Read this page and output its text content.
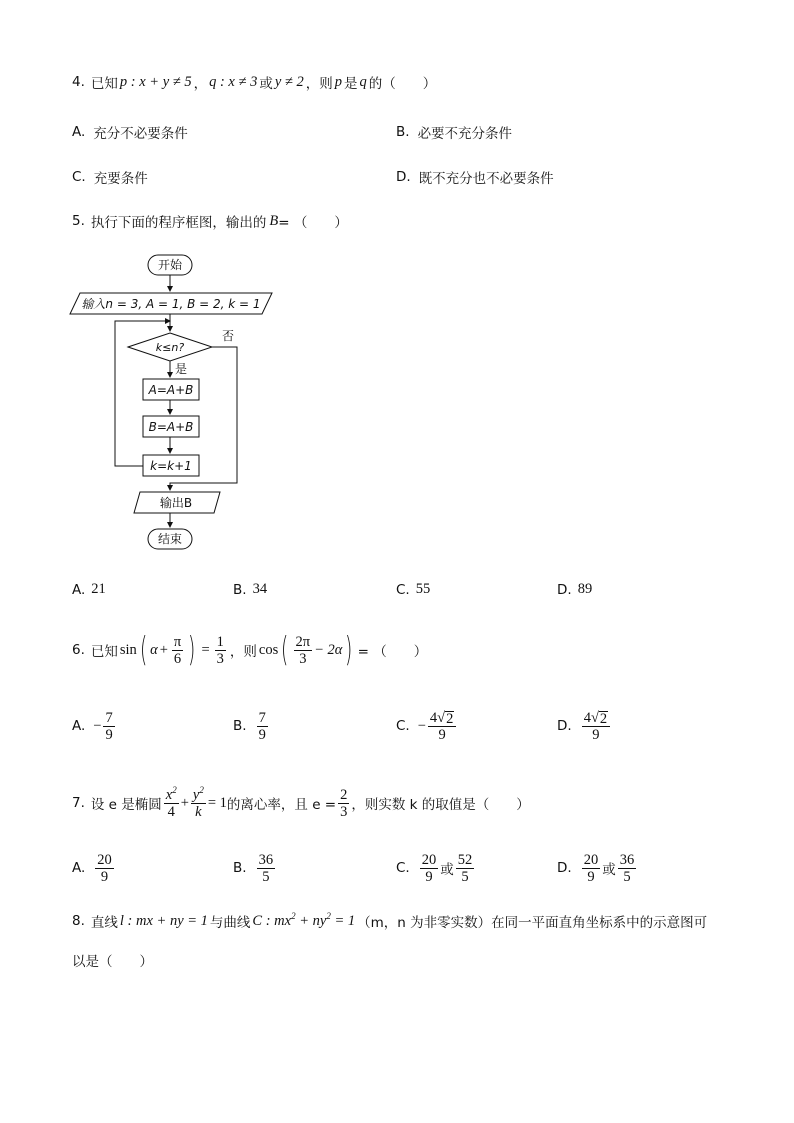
4. 已知 p : x + y ≠ 5 ， q : x ≠ 3 或 y ≠ 2 ，则 p 是 q 的（　　）
A. 充分不必要条件	B. 必要不充分条件
C. 充要条件	D. 既不充分也不必要条件
5. 执行下面的程序框图，输出的 B = （　　）
开始
输入n = 3, A = 1, B = 2, k = 1
k≤n?
否
是
A=A+B
B=A+B
k=k+1
输出B
结束
A. 21	B. 34	C. 55	D. 89
6. 已知 sin ( $\alpha + \frac{\pi}{6}$ ) = $\frac{1}{3}$ ，则 cos ( $\frac{2\pi}{3} - 2\alpha$ ) = （　　）
A. − $\frac{7}{9}$	B. $\frac{7}{9}$	C. − $\frac{4√ 2}{9}$	D. $\frac{4√ 2}{9}$
7. 设 e 是椭圆 $\frac{x^2}{4} + \frac{y^2}{k} = 1$ 的离心率，且 $e = \frac{2}{3}$ ，则实数 k 的取值是（　　）
A. $\frac{20}{9}$	B. $\frac{36}{5}$	C. $\frac{20}{9}$ 或 $\frac{52}{5}$	D. $\frac{20}{9}$ 或 $\frac{36}{5}$
8. 直线 l : mx + ny = 1 与曲线 C : $mx^2 + ny^2 = 1$ （m，n 为非零实数）在同一平面直角坐标系中的示意图可
以是（　　）
